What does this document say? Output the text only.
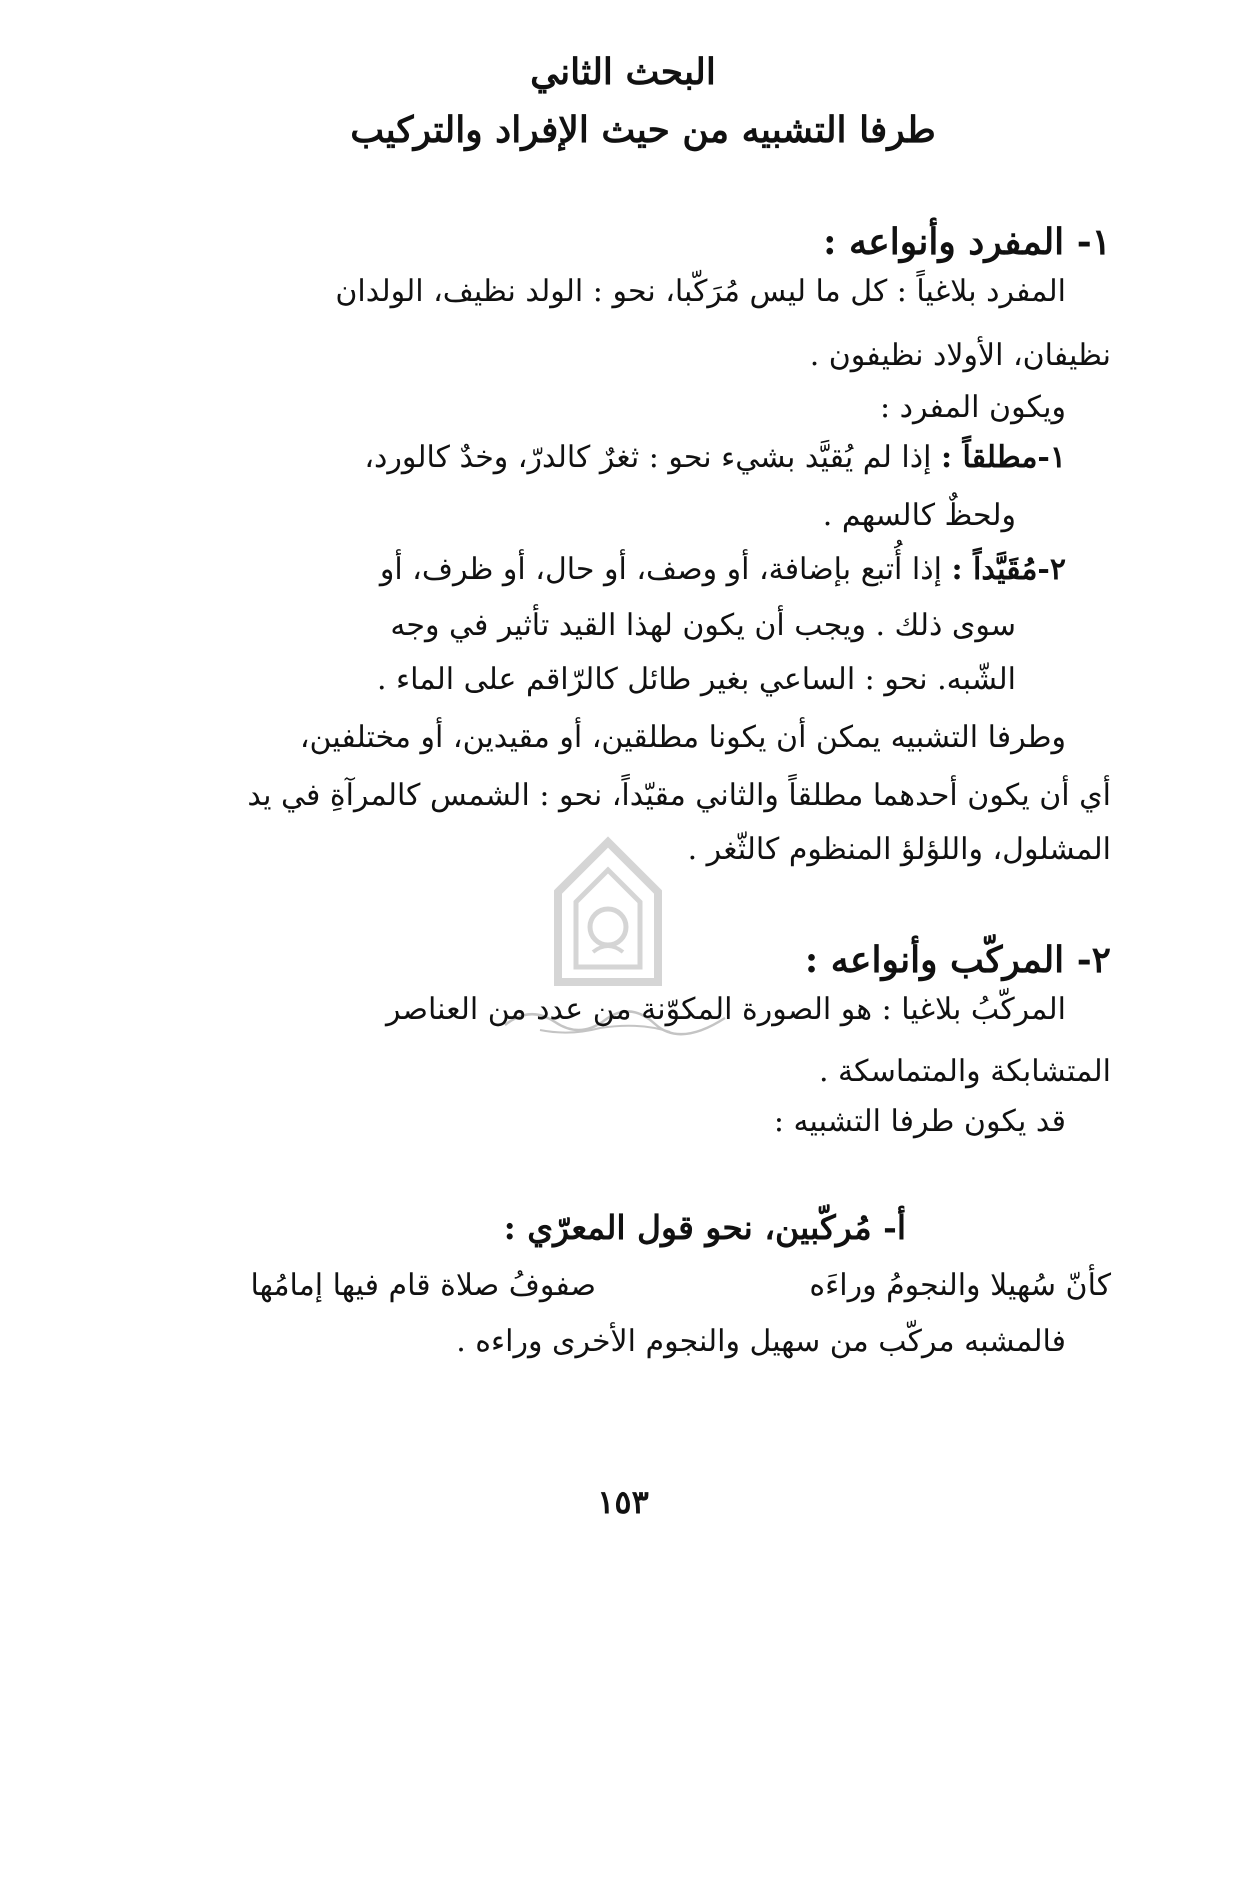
البحث الثاني
طرفا التشبيه من حيث الإفراد والتركيب
١- المفرد وأنواعه :
المفرد بلاغياً : كل ما ليس مُرَكّبا، نحو : الولد نظيف، الولدان
نظيفان، الأولاد نظيفون .
ويكون المفرد :
١-مطلقاً : إذا لم يُقيَّد بشيء نحو : ثغرٌ كالدرّ، وخدٌ كالورد،
ولحظٌ كالسهم .
٢-مُقَيَّداً : إذا أُتبع بإضافة، أو وصف، أو حال، أو ظرف، أو
سوى ذلك . ويجب أن يكون لهذا القيد تأثير في وجه
الشّبه. نحو : الساعي بغير طائل كالرّاقم على الماء .
وطرفا التشبيه يمكن أن يكونا مطلقين، أو مقيدين، أو مختلفين،
أي أن يكون أحدهما مطلقاً والثاني مقيّداً، نحو : الشمس كالمرآةِ في يد
المشلول، واللؤلؤ المنظوم كالثّغر .
٢- المركّب وأنواعه :
المركّبُ بلاغيا : هو الصورة المكوّنة من عدد من العناصر
المتشابكة والمتماسكة .
قد يكون طرفا التشبيه :
أ- مُركّبين، نحو قول المعرّي :
كأنّ سُهيلا والنجومُ وراءَه
صفوفُ صلاة قام فيها إمامُها
فالمشبه مركّب من سهيل والنجوم الأخرى وراءه .
١٥٣
